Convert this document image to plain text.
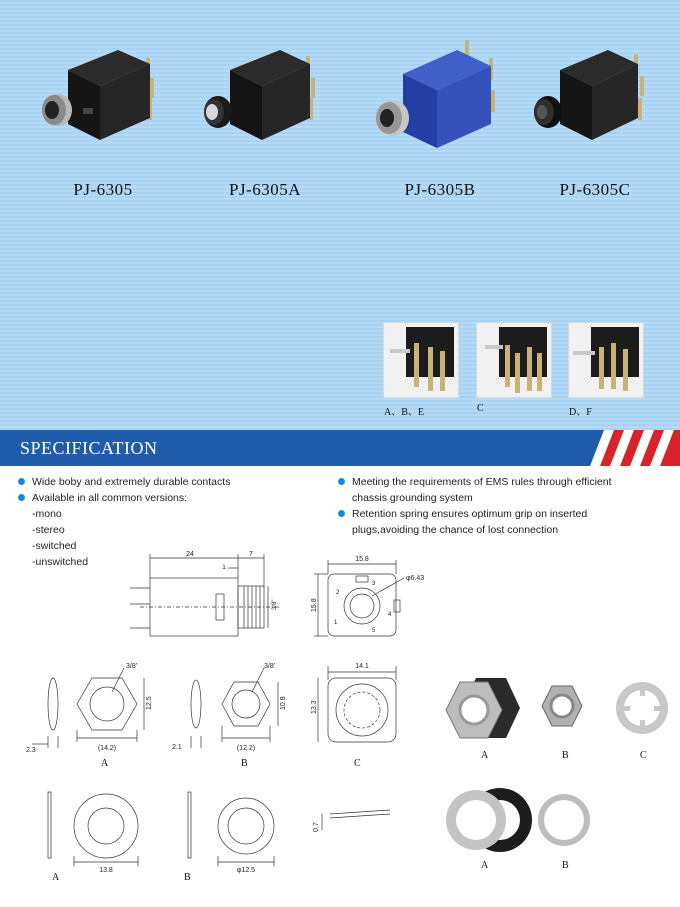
PJ-6305	PJ-6305A	PJ-6305B	PJ-6305C
A、B、E	C	D、F
SPECIFICATION
Wide boby and extremely durable contacts
Available in all common versions:
-mono
-stereo
-switched
-unswitched
Meeting the requirements of EMS rules through efficient
chassis grounding system
Retention spring ensures optimum grip on inserted
plugs,avoiding the chance of lost connection
24	7
1
3/8"
15.8
15.8
φ6.43
3
2
1
4
5
3/8'
12.5
(14.2)
2.3
A
3/8'
10.8
(12.2)
2.1
B
14.1
13.3
C
0.7
13.8
A
φ12.5
B
A	B	C
A	B
